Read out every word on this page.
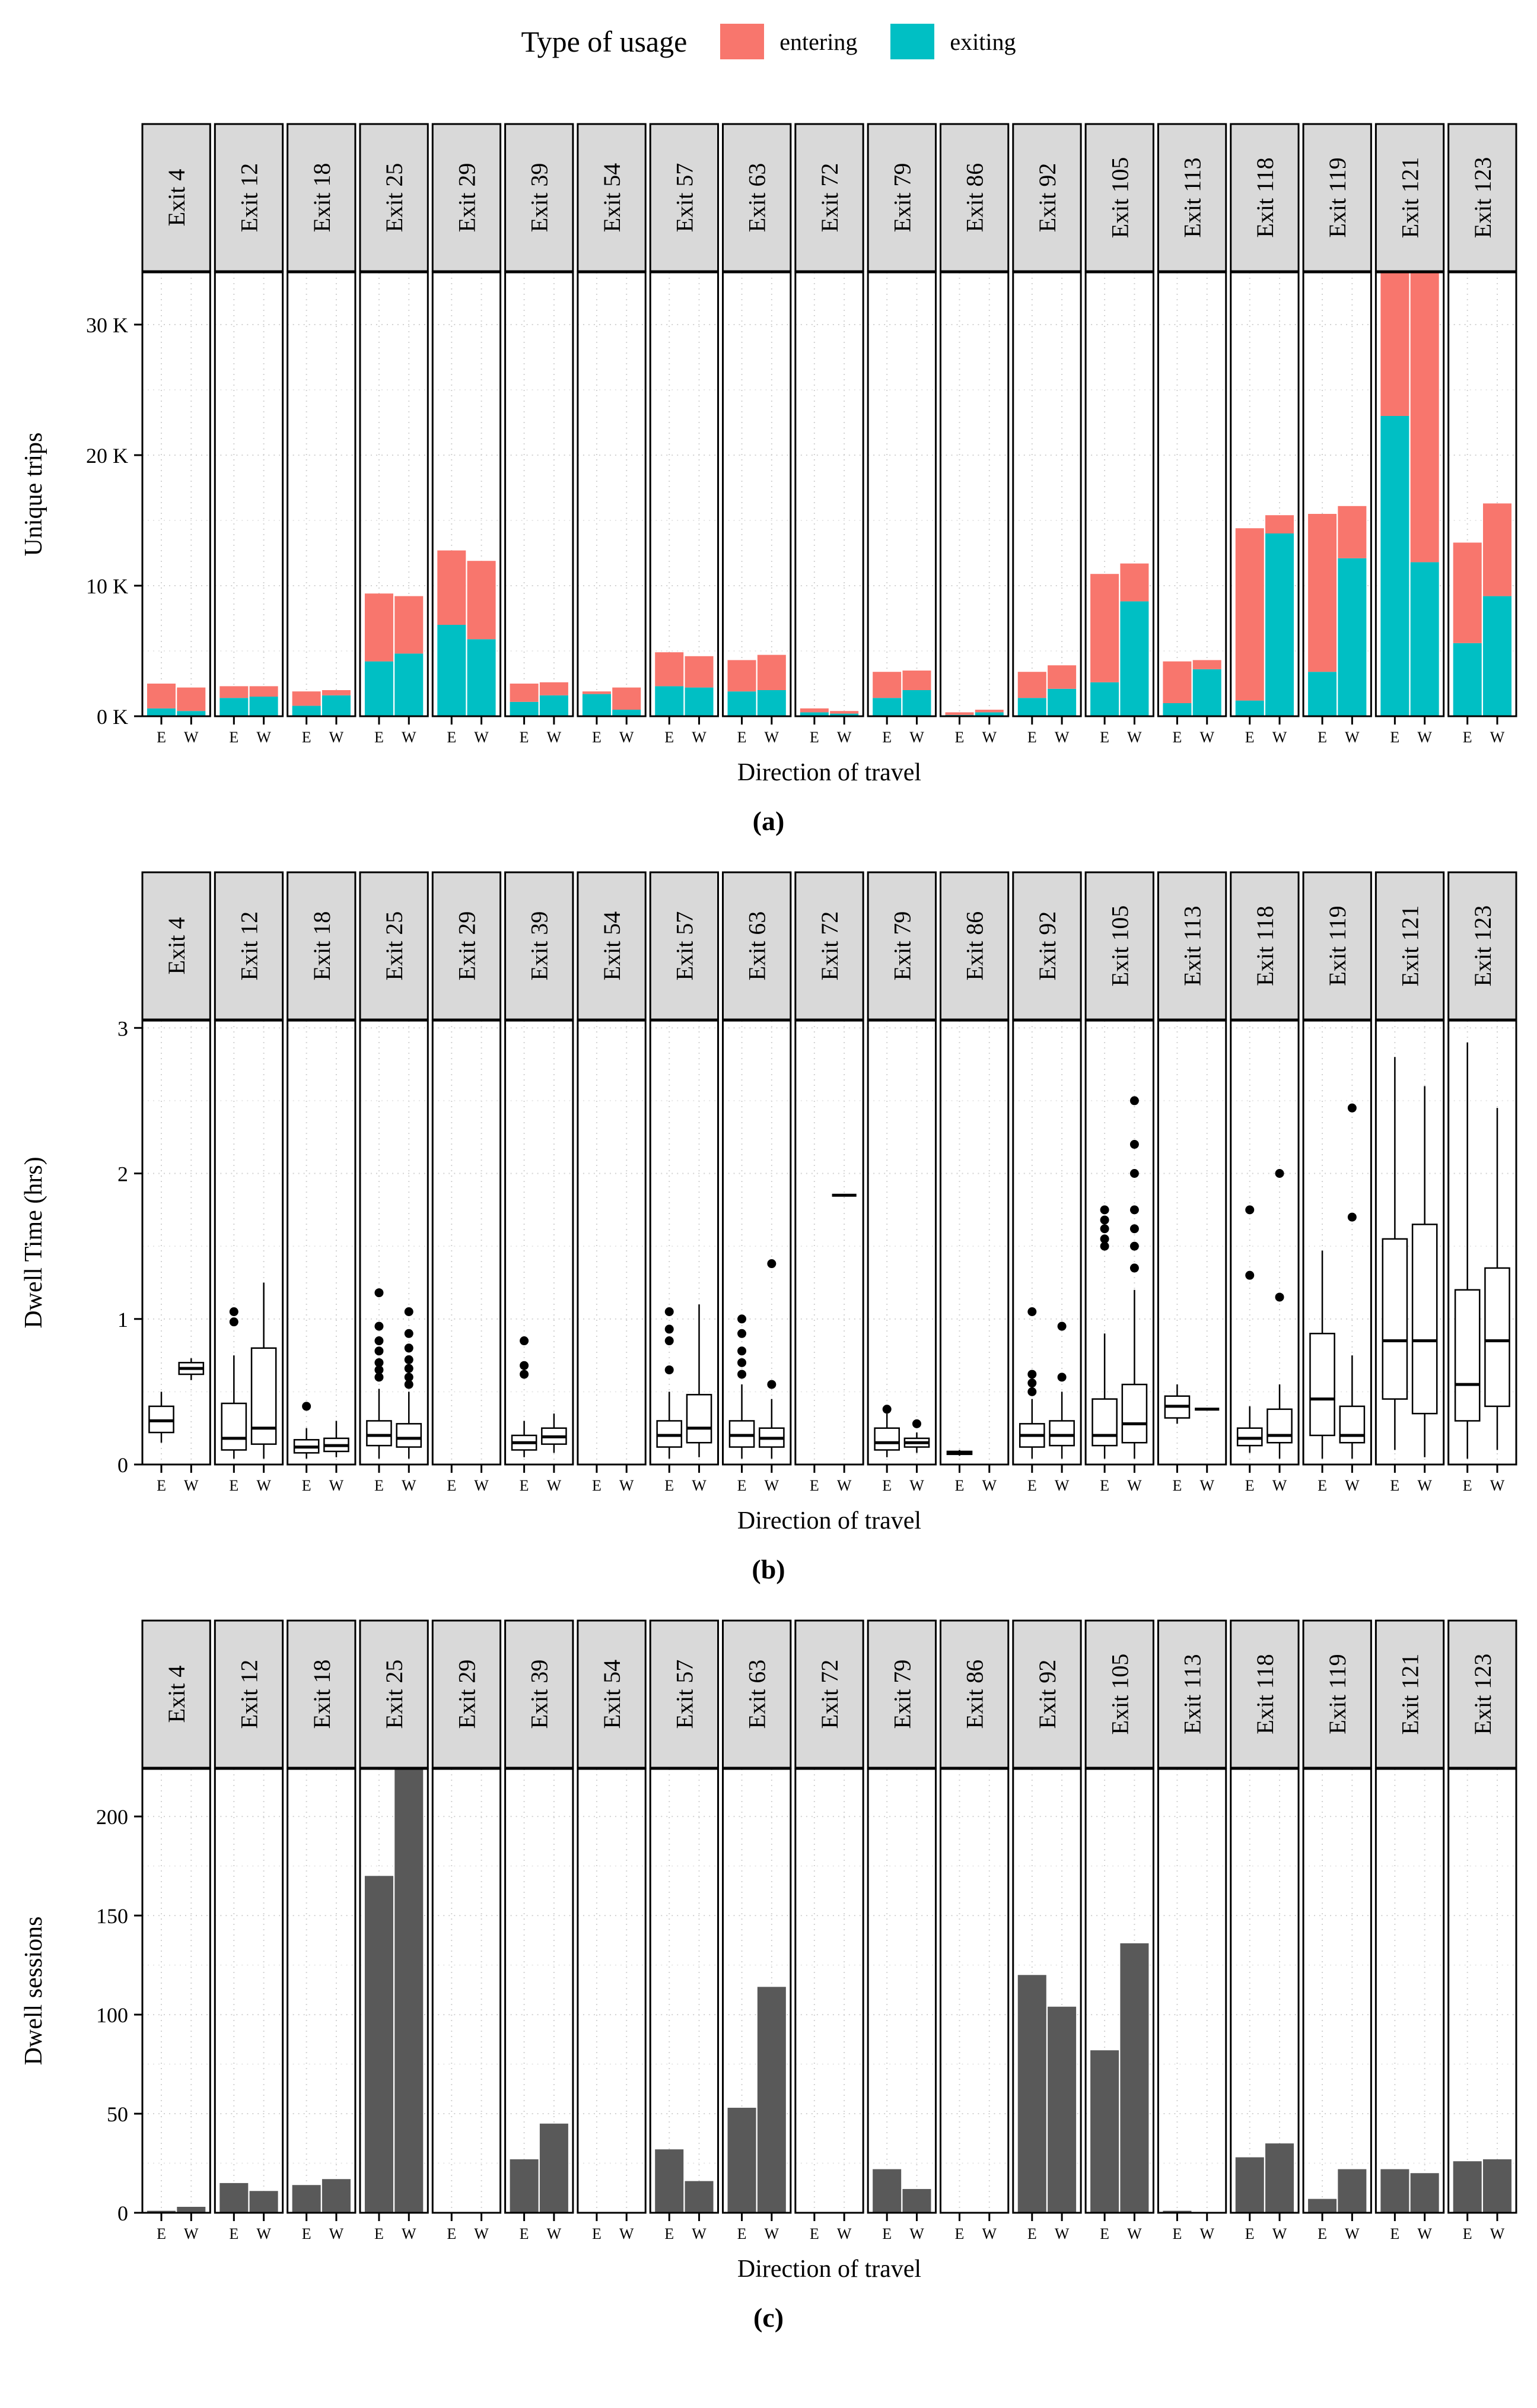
Type of usage	entering	exiting
Unique trips
0 K
10 K
20 K
30 K
Exit 4
E W
Exit 12
E W
Exit 18
E W
Exit 25
E W
Exit 29
E W
Exit 39
E W
Exit 54
E W
Exit 57
E W
Exit 63
E W
Exit 72
E W
Exit 79
E W
Exit 86
E W
Exit 92
E W
Exit 105
E W
Exit 113
E W
Exit 118
E W
Exit 119
E W
Exit 121
E W
Exit 123
E W
Direction of travel
(a)
Dwell Time (hrs)
0
1
2
3
Exit 4
E W
Exit 12
E W
Exit 18
E W
Exit 25
E W
Exit 29
E W
Exit 39
E W
Exit 54
E W
Exit 57
E W
Exit 63
E W
Exit 72
E W
Exit 79
E W
Exit 86
E W
Exit 92
E W
Exit 105
E W
Exit 113
E W
Exit 118
E W
Exit 119
E W
Exit 121
E W
Exit 123
E W
Direction of travel
(b)
Dwell sessions
0
50
100
150
200
Exit 4
E W
Exit 12
E W
Exit 18
E W
Exit 25
E W
Exit 29
E W
Exit 39
E W
Exit 54
E W
Exit 57
E W
Exit 63
E W
Exit 72
E W
Exit 79
E W
Exit 86
E W
Exit 92
E W
Exit 105
E W
Exit 113
E W
Exit 118
E W
Exit 119
E W
Exit 121
E W
Exit 123
E W
Direction of travel
(c)
